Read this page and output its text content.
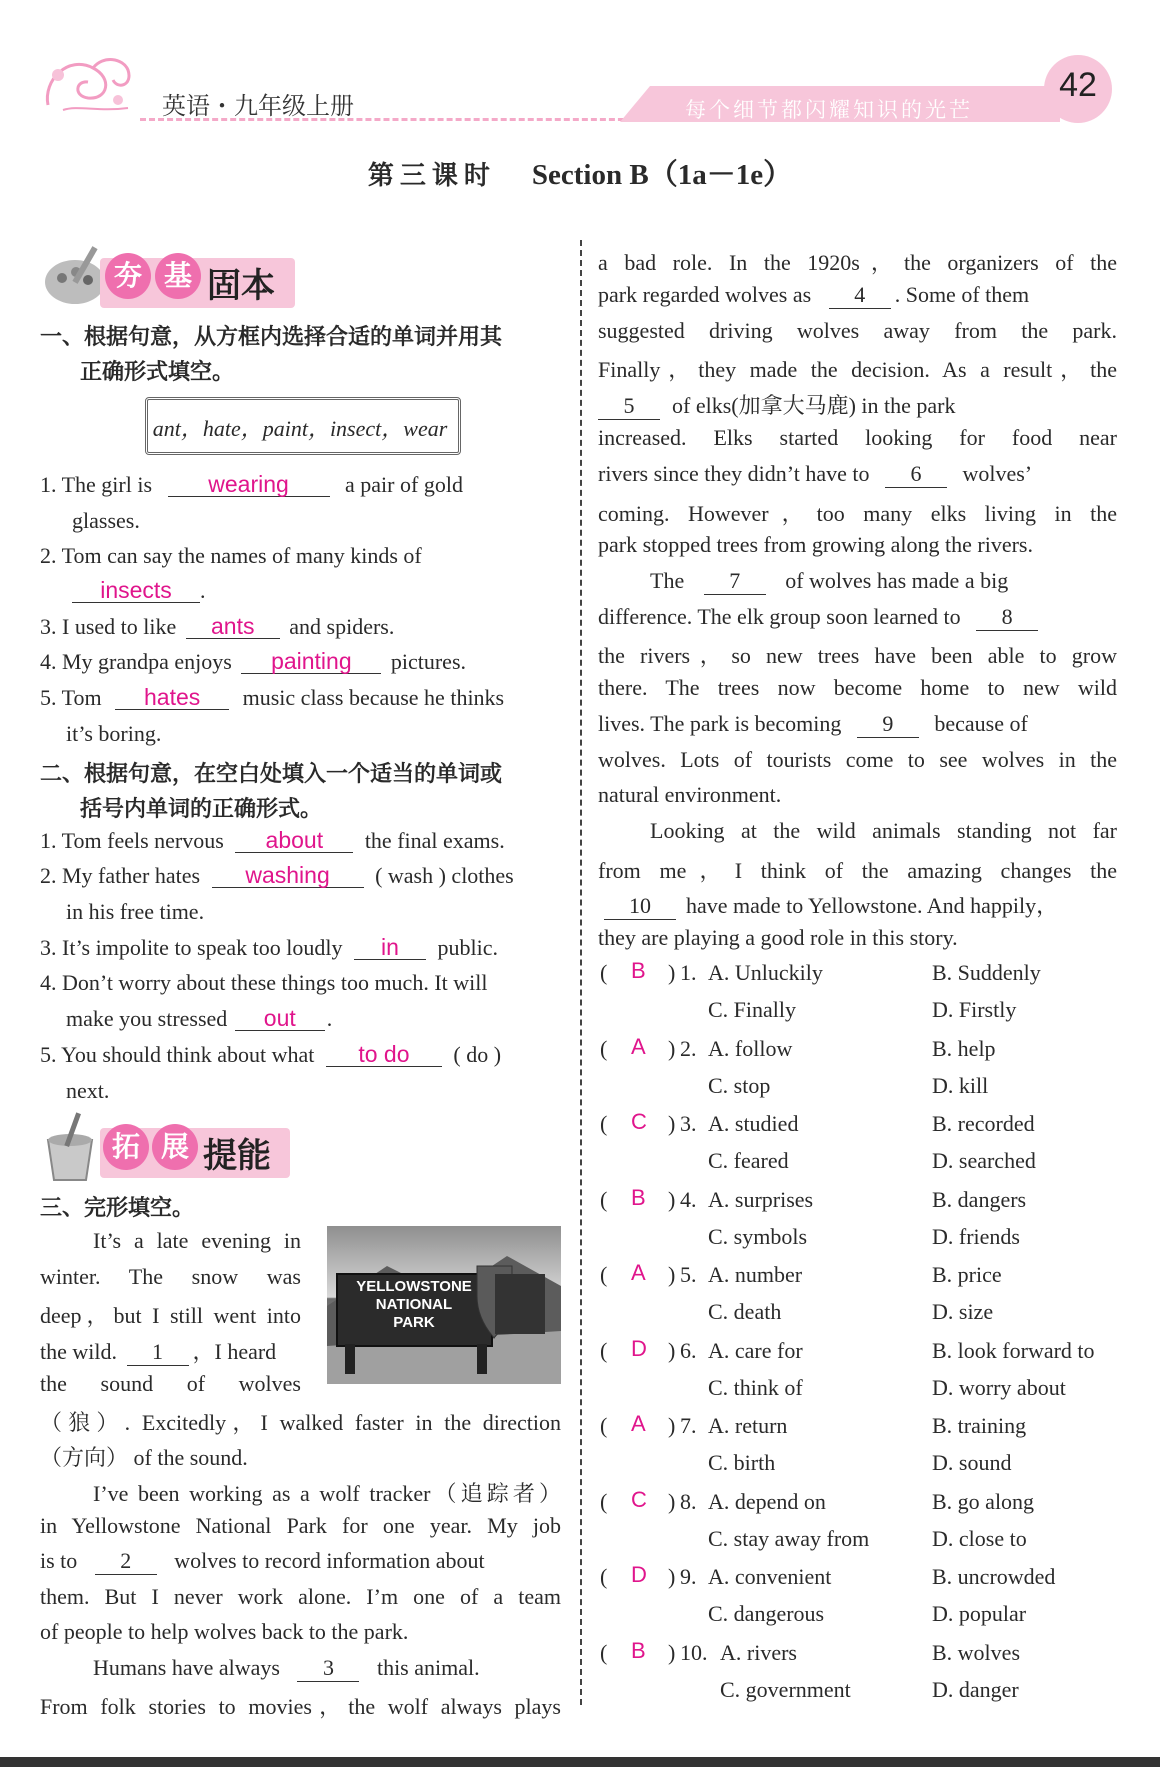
英语・九年级上册	每个细节都闪耀知识的光芒
42
第三课时 Section B（1a－1e）
夯 基 固本
一、根据句意，从方框内选择合适的单词并用其
正确形式填空。
ant，hate，paint，insect，wear
1. The girl is wearing	a pair of gold
glasses.
2. Tom can say the names of many kinds of
insects .
3. I used to like ants and spiders.
4. My grandpa enjoys painting pictures.
5. Tom hates music class because he thinks
it’s boring.
二、根据句意，在空白处填入一个适当的单词或
括号内单词的正确形式。
1. Tom feels nervous about the final exams.
2. My father hates washing ( wash ) clothes
in his free time.
3. It’s impolite to speak too loudly in public.
4. Don’t worry about these things too much. It will
make you stressed out .
5. You should think about what to do ( do )
next.
拓 展 提能
三、完形填空。
YELLOWSTONE
NATIONAL
PARK
It’s a late evening in
winter. The snow was
deep，but I still went into
the wild. 1 ，I heard
the sound of wolves
（狼）. Excitedly，I walked faster in the direction
（方向） of the sound.
I’ve been working as a wolf tracker（追踪者）
in Yellowstone National Park for one year. My job
is to 2 wolves to record information about
them. But I never work alone. I’m one of a team
of people to help wolves back to the park.
Humans have always 3 this animal.
From folk stories to movies，the wolf always plays
a bad role. In the 1920s，the organizers of the
park regarded wolves as 4 . Some of them
suggested driving wolves away from the park.
Finally，they made the decision. As a result，the
5 of elks(加拿大马鹿) in the park
increased. Elks started looking for food near
rivers since they didn’t have to 6 wolves’
coming. However，too many elks living in the
park stopped trees from growing along the rivers.
The 7 of wolves has made a big
difference. The elk group soon learned to 8
the rivers，so new trees have been able to grow
there. The trees now become home to new wild
lives. The park is becoming 9 because of
wolves. Lots of tourists come to see wolves in the
natural environment.
Looking at the wild animals standing not far
from me，I think of the amazing changes the
10 have made to Yellowstone. And happily，
they are playing a good role in this story.
( B ) 1. A. Unluckily	B. Suddenly
C. Finally	D. Firstly
( A ) 2. A. follow	B. help
C. stop	D. kill
( C ) 3. A. studied	B. recorded
C. feared	D. searched
( B ) 4. A. surprises	B. dangers
C. symbols	D. friends
( A ) 5. A. number	B. price
C. death	D. size
( D ) 6. A. care for	B. look forward to
C. think of	D. worry about
( A ) 7. A. return	B. training
C. birth	D. sound
( C ) 8. A. depend on	B. go along
C. stay away from	D. close to
( D ) 9. A. convenient	B. uncrowded
C. dangerous	D. popular
( B ) 10. A. rivers	B. wolves
C. government	D. danger
